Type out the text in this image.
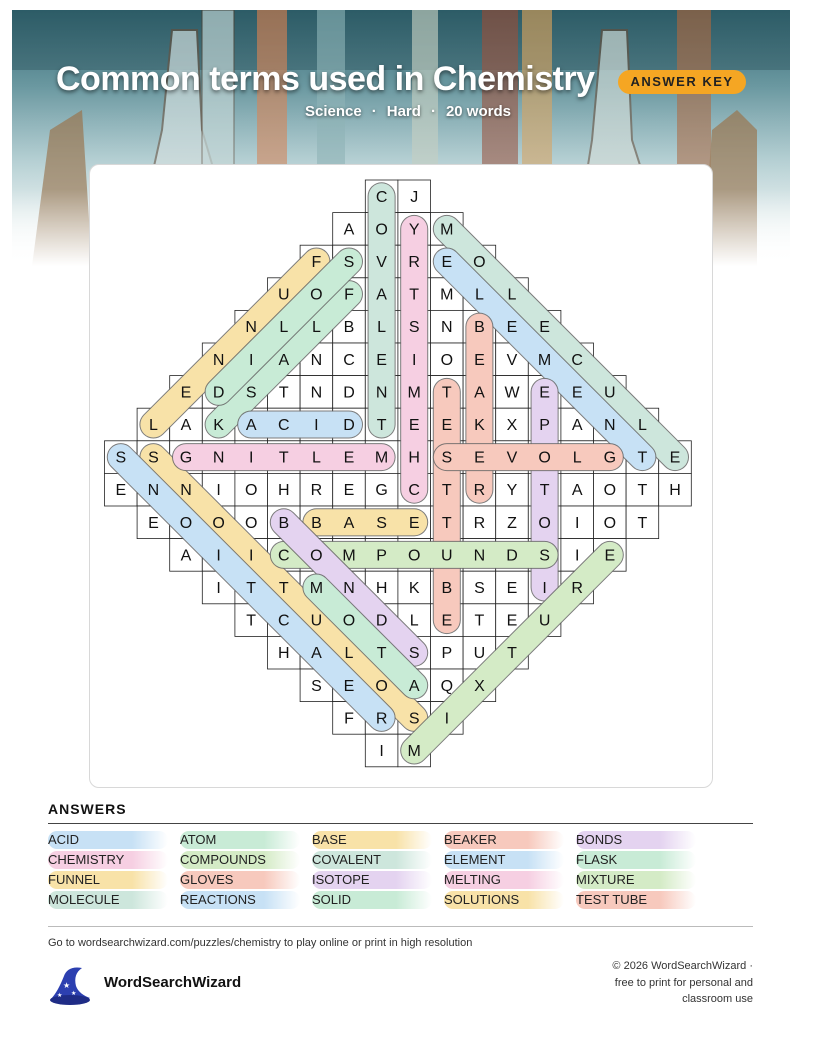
Common terms used in Chemistry	ANSWER KEY
Science · Hard · 20 words
C J
A O Y M
F S V R E O
U O F A T M L L
N L L B L S N B E E
N I A N C E I O E V M C
E D S T N D N M T A W E E U
L A K A C I D T E E K X P A N L
S S G N I T L E M H S E V O L G T E
E N N I O H R E G C T R Y T A O T H
E O O O B B A S E T R Z O I O T
A I I C O M P O U N D S I E
I T T M N H K B S E I R
T C U O D L E T E U
H A L T S P U T
S E O A Q X
F R S I
I M
ANSWERS
ACID	ATOM	BASE	BEAKER	BONDS
CHEMISTRY	COMPOUNDS	COVALENT	ELEMENT	FLASK
FUNNEL	GLOVES	ISOTOPE	MELTING	MIXTURE
MOLECULE	REACTIONS	SOLID	SOLUTIONS	TEST TUBE
Go to wordsearchwizard.com/puzzles/chemistry to play online or print in high resolution
★
★
★
WordSearchWizard
© 2026 WordSearchWizard ·
free to print for personal and
classroom use
